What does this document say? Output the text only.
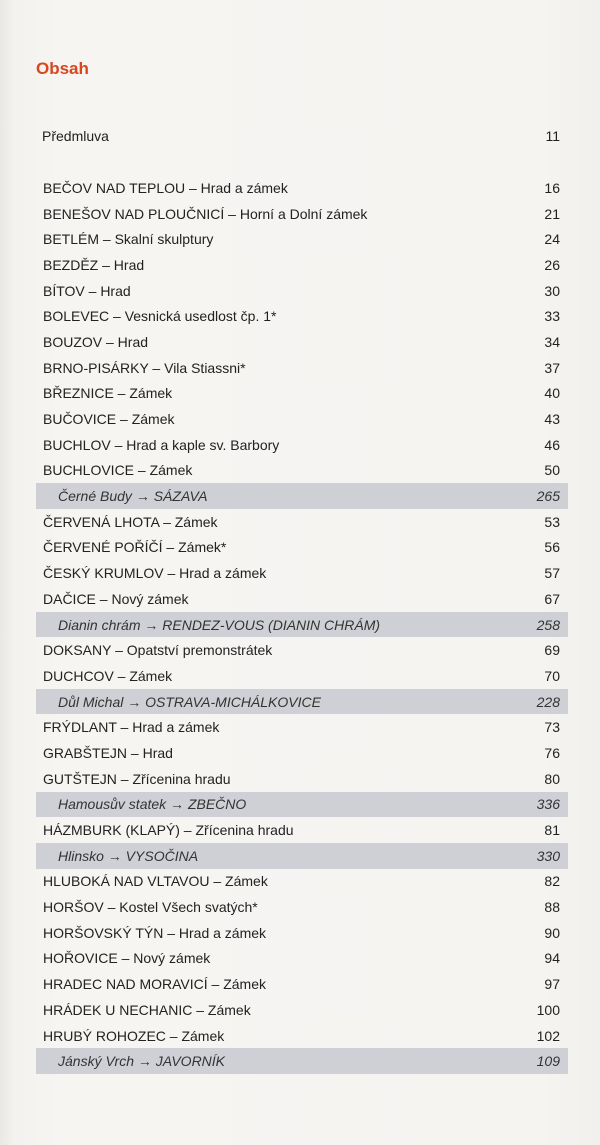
Obsah
Předmluva	11
BEČOV NAD TEPLOU – Hrad a zámek	16
BENEŠOV NAD PLOUČNICÍ – Horní a Dolní zámek	21
BETLÉM – Skalní skulptury	24
BEZDĚZ – Hrad	26
BÍTOV – Hrad	30
BOLEVEC – Vesnická usedlost čp. 1*	33
BOUZOV – Hrad	34
BRNO-PISÁRKY – Vila Stiassni*	37
BŘEZNICE – Zámek	40
BUČOVICE – Zámek	43
BUCHLOV – Hrad a kaple sv. Barbory	46
BUCHLOVICE – Zámek	50
Černé Budy → SÁZAVA	265
ČERVENÁ LHOTA – Zámek	53
ČERVENÉ POŘÍČÍ – Zámek*	56
ČESKÝ KRUMLOV – Hrad a zámek	57
DAČICE – Nový zámek	67
Dianin chrám → RENDEZ-VOUS (DIANIN CHRÁM)	258
DOKSANY – Opatství premonstrátek	69
DUCHCOV – Zámek	70
Důl Michal → OSTRAVA-MICHÁLKOVICE	228
FRÝDLANT – Hrad a zámek	73
GRABŠTEJN – Hrad	76
GUTŠTEJN – Zřícenina hradu	80
Hamousův statek → ZBEČNO	336
HÁZMBURK (KLAPÝ) – Zřícenina hradu	81
Hlinsko → VYSOČINA	330
HLUBOKÁ NAD VLTAVOU – Zámek	82
HORŠOV – Kostel Všech svatých*	88
HORŠOVSKÝ TÝN – Hrad a zámek	90
HOŘOVICE – Nový zámek	94
HRADEC NAD MORAVICÍ – Zámek	97
HRÁDEK U NECHANIC – Zámek	100
HRUBÝ ROHOZEC – Zámek	102
Jánský Vrch → JAVORNÍK	109
